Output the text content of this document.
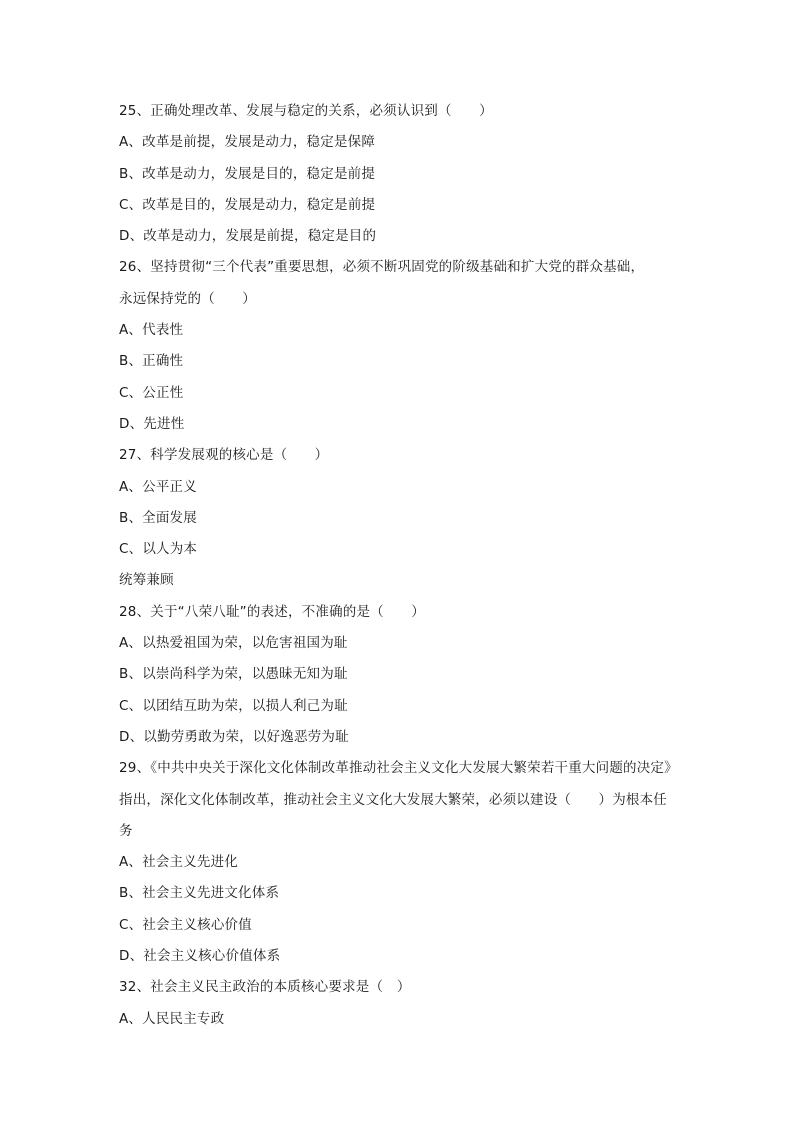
25、正确处理改革、发展与稳定的关系，必须认识到（　　）
A、改革是前提，发展是动力，稳定是保障
B、改革是动力，发展是目的，稳定是前提
C、改革是目的，发展是动力，稳定是前提
D、改革是动力，发展是前提，稳定是目的
26、坚持贯彻“三个代表”重要思想，必须不断巩固党的阶级基础和扩大党的群众基础，
永远保持党的（　　）
A、代表性
B、正确性
C、公正性
D、先进性
27、科学发展观的核心是（　　）
A、公平正义
B、全面发展
C、以人为本
统筹兼顾
28、关于“八荣八耻”的表述，不准确的是（　　）
A、以热爱祖国为荣，以危害祖国为耻
B、以崇尚科学为荣，以愚昧无知为耻
C、以团结互助为荣，以损人利己为耻
D、以勤劳勇敢为荣，以好逸恶劳为耻
29、《中共中央关于深化文化体制改革推动社会主义文化大发展大繁荣若干重大问题的决定》
指出，深化文化体制改革，推动社会主义文化大发展大繁荣，必须以建设（　　）为根本任
务
A、社会主义先进化
B、社会主义先进文化体系
C、社会主义核心价值
D、社会主义核心价值体系
32、社会主义民主政治的本质核心要求是（　）
A、人民民主专政
